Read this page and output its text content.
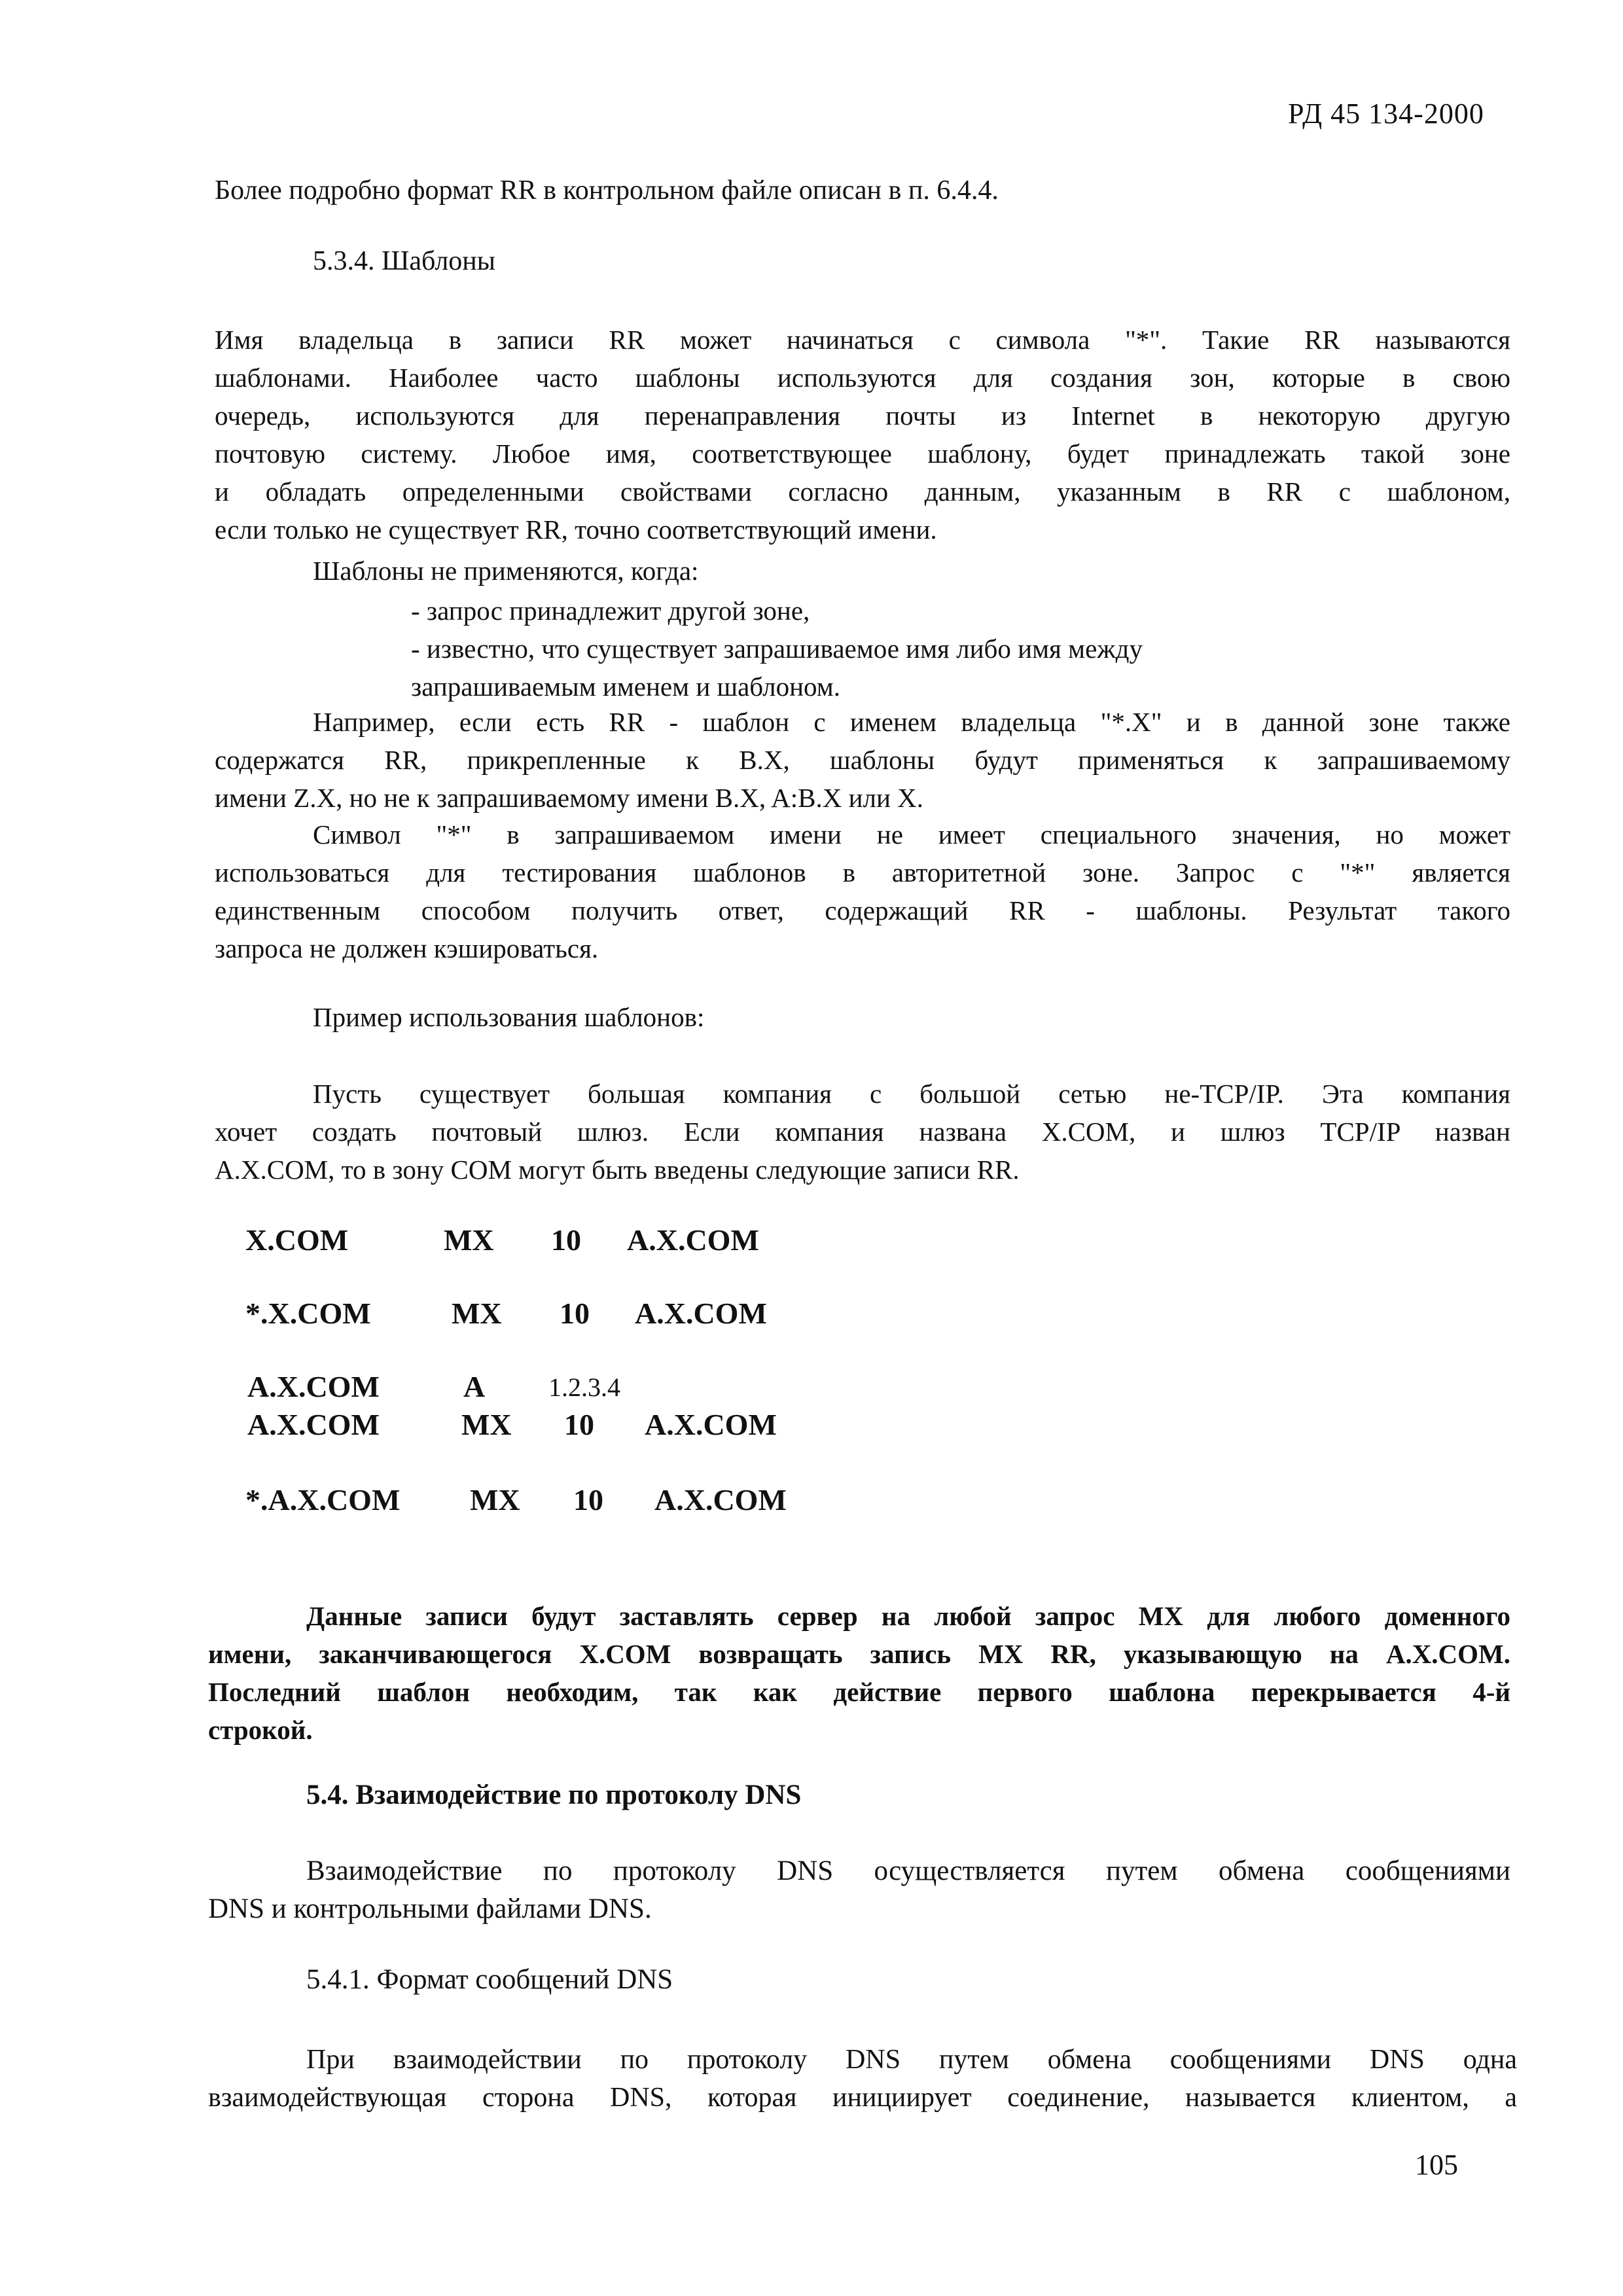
РД 45 134-2000

Более подробно формат RR в контрольном файле описан в п. 6.4.4.

5.3.4. Шаблоны

Имя владельца в записи RR может начинаться с символа "*". Такие RR называются
шаблонами. Наиболее часто шаблоны используются для создания зон, которые в свою
очередь, используются для перенаправления почты из Internet в некоторую другую
почтовую систему. Любое имя, соответствующее шаблону, будет принадлежать такой зоне
и обладать определенными свойствами согласно данным, указанным в RR с шаблоном,
если только не существует RR, точно соответствующий имени.

Шаблоны не применяются, когда:

- запрос принадлежит другой зоне,
- известно, что существует запрашиваемое имя либо имя между
запрашиваемым именем и шаблоном.

Например, если есть RR - шаблон с именем владельца "*.X" и в данной зоне также
содержатся RR, прикрепленные к B.X, шаблоны будут применяться к запрашиваемому
имени Z.X, но не к запрашиваемому имени B.X, A:B.X или X.

Символ "*" в запрашиваемом имени не имеет специального значения, но может
использоваться для тестирования шаблонов в авторитетной зоне. Запрос с "*" является
единственным способом получить ответ, содержащий RR - шаблоны. Результат такого
запроса не должен кэшироваться.

Пример использования шаблонов:

Пусть существует большая компания с большой сетью не-TCP/IP. Эта компания
хочет создать почтовый шлюз. Если компания названа X.COM, и шлюз TCP/IP назван
A.X.COM, то в зону COM могут быть введены следующие записи RR.

X.COM	MX 10 A.X.COM
*.X.COM	MX 10 A.X.COM
A.X.COM	A 1.2.3.4
A.X.COM	MX 10 A.X.COM
*.A.X.COM MX 10 A.X.COM

Данные записи будут заставлять сервер на любой запрос MX для любого доменного
имени, заканчивающегося X.COM возвращать запись MX RR, указывающую на A.X.COM.
Последний шаблон необходим, так как действие первого шаблона перекрывается 4-й
строкой.

5.4. Взаимодействие по протоколу DNS

Взаимодействие по протоколу DNS осуществляется путем обмена сообщениями
DNS и контрольными файлами DNS.

5.4.1. Формат сообщений DNS

При взаимодействии по протоколу DNS путем обмена сообщениями DNS одна
взаимодействующая сторона DNS, которая инициирует соединение, называется клиентом, а

105
